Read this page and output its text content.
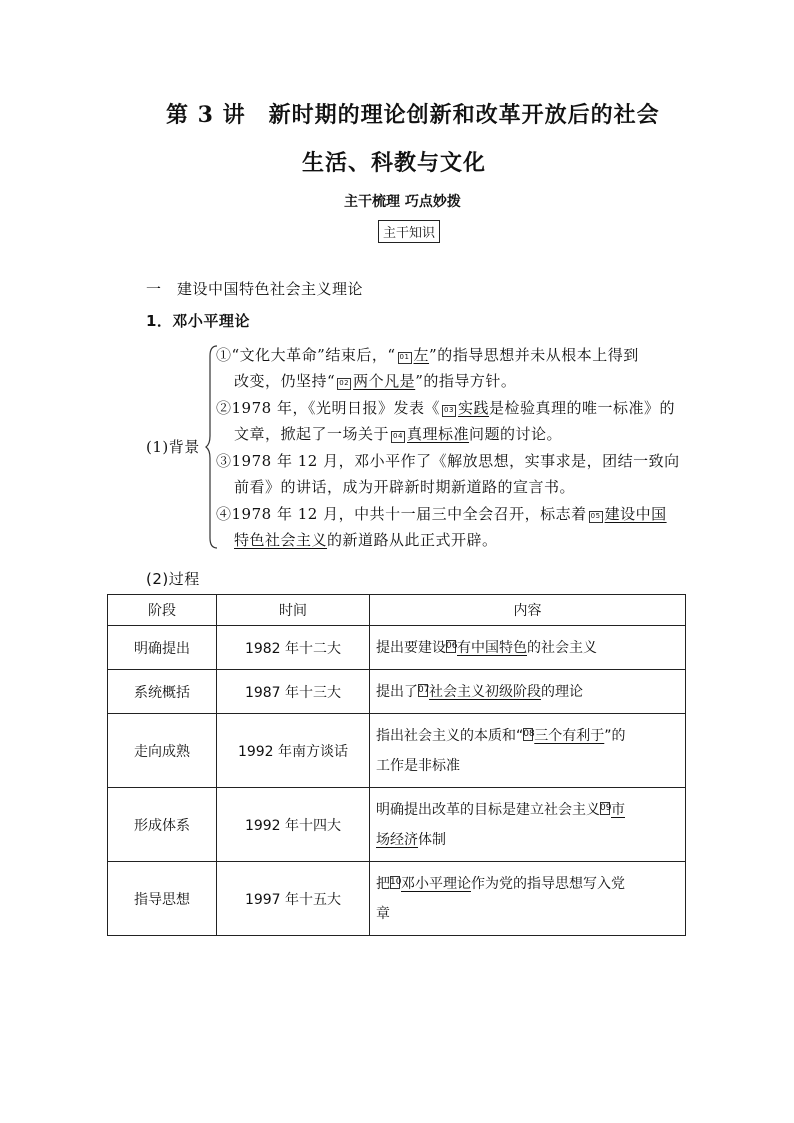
第 3 讲　新时期的理论创新和改革开放后的社会
生活、科教与文化
主干梳理 巧点妙拨
主干知识
一　建设中国特色社会主义理论
1．邓小平理论
(1)背景
①“文化大革命”结束后，“ 01 左”的指导思想并未从根本上得到
改变，仍坚持“ 02 两个凡是”的指导方针。
②1978 年，《光明日报》发表《 03 实践是检验真理的唯一标准》的
文章，掀起了一场关于 04 真理标准问题的讨论。
③1978 年 12 月，邓小平作了《解放思想，实事求是，团结一致向
前看》的讲话，成为开辟新时期新道路的宣言书。
④1978 年 12 月，中共十一届三中全会召开，标志着 05 建设中国
特色社会主义的新道路从此正式开辟。
(2)过程
阶段	时间	内容
明确提出	1982 年十二大	提出要建设 06 有中国特色的社会主义
系统概括	1987 年十三大	提出了 07 社会主义初级阶段的理论
走向成熟	1992 年南方谈话	指出社会主义的本质和“ 08 三个有利于”的
工作是非标准
形成体系	1992 年十四大	明确提出改革的目标是建立社会主义 09 市
场经济体制
指导思想	1997 年十五大	把 10 邓小平理论作为党的指导思想写入党
章
